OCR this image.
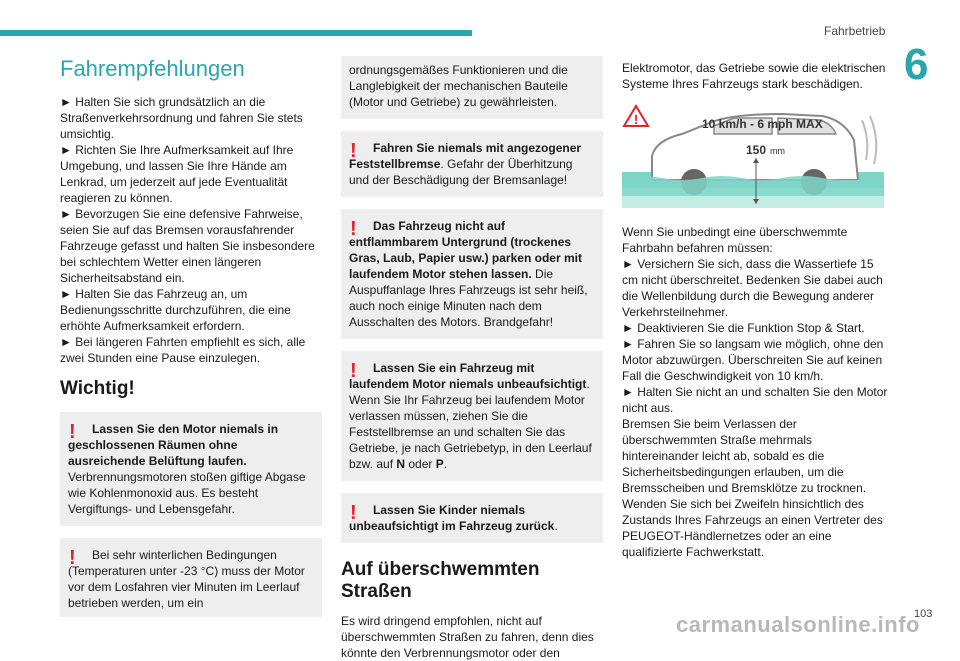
Fahrbetrieb
6
Fahrempfehlungen

► Halten Sie sich grundsätzlich an die Straßenverkehrsordnung und fahren Sie stets umsichtig.

► Richten Sie Ihre Aufmerksamkeit auf Ihre Umgebung, und lassen Sie Ihre Hände am Lenkrad, um jederzeit auf jede Eventualität reagieren zu können.

► Bevorzugen Sie eine defensive Fahrweise, seien Sie auf das Bremsen vorausfahrender Fahrzeuge gefasst und halten Sie insbesondere bei schlechtem Wetter einen längeren Sicherheitsabstand ein.

► Halten Sie das Fahrzeug an, um Bedienungsschritte durchzuführen, die eine erhöhte Aufmerksamkeit erfordern.

► Bei längeren Fahrten empfiehlt es sich, alle zwei Stunden eine Pause einzulegen.

Wichtig!
!	Lassen Sie den Motor niemals in geschlossenen Räumen ohne ausreichende Belüftung laufen.
Verbrennungsmotoren stoßen giftige Abgase wie Kohlenmonoxid aus. Es besteht Vergiftungs- und Lebensgefahr.

!	Bei sehr winterlichen Bedingungen (Temperaturen unter -23 °C) muss der Motor vor dem Losfahren vier Minuten im Leerlauf betrieben werden, um ein

ordnungsgemäßes Funktionieren und die Langlebigkeit der mechanischen Bauteile (Motor und Getriebe) zu gewährleisten.

!	Fahren Sie niemals mit angezogener Feststellbremse. Gefahr der Überhitzung und der Beschädigung der Bremsanlage!

!	Das Fahrzeug nicht auf entflammbarem Untergrund (trockenes Gras, Laub, Papier usw.) parken oder mit laufendem Motor stehen lassen. Die Auspuffanlage Ihres Fahrzeugs ist sehr heiß, auch noch einige Minuten nach dem Ausschalten des Motors. Brandgefahr!

!	Lassen Sie ein Fahrzeug mit laufendem Motor niemals unbeaufsichtigt. Wenn Sie Ihr Fahrzeug bei laufendem Motor verlassen müssen, ziehen Sie die Feststellbremse an und schalten Sie das Getriebe, je nach Getriebetyp, in den Leerlauf bzw. auf N oder P.

!	Lassen Sie Kinder niemals unbeaufsichtigt im Fahrzeug zurück.

Auf überschwemmten Straßen

Es wird dringend empfohlen, nicht auf überschwemmten Straßen zu fahren, denn dies könnte den Verbrennungsmotor oder den

Elektromotor, das Getriebe sowie die elektrischen Systeme Ihres Fahrzeugs stark beschädigen.

!	10 km/h - 6 mph MAX
150 mm

Wenn Sie unbedingt eine überschwemmte Fahrbahn befahren müssen:

► Versichern Sie sich, dass die Wassertiefe 15 cm nicht überschreitet. Bedenken Sie dabei auch die Wellenbildung durch die Bewegung anderer Verkehrsteilnehmer.

► Deaktivieren Sie die Funktion Stop & Start.

► Fahren Sie so langsam wie möglich, ohne den Motor abzuwürgen. Überschreiten Sie auf keinen Fall die Geschwindigkeit von 10 km/h.

► Halten Sie nicht an und schalten Sie den Motor nicht aus.

Bremsen Sie beim Verlassen der überschwemmten Straße mehrmals hintereinander leicht ab, sobald es die Sicherheitsbedingungen erlauben, um die Bremsscheiben und Bremsklötze zu trocknen.

Wenden Sie sich bei Zweifeln hinsichtlich des Zustands Ihres Fahrzeugs an einen Vertreter des PEUGEOT-Händlernetzes oder an eine qualifizierte Fachwerkstatt.

carmanualsonline.info
103
